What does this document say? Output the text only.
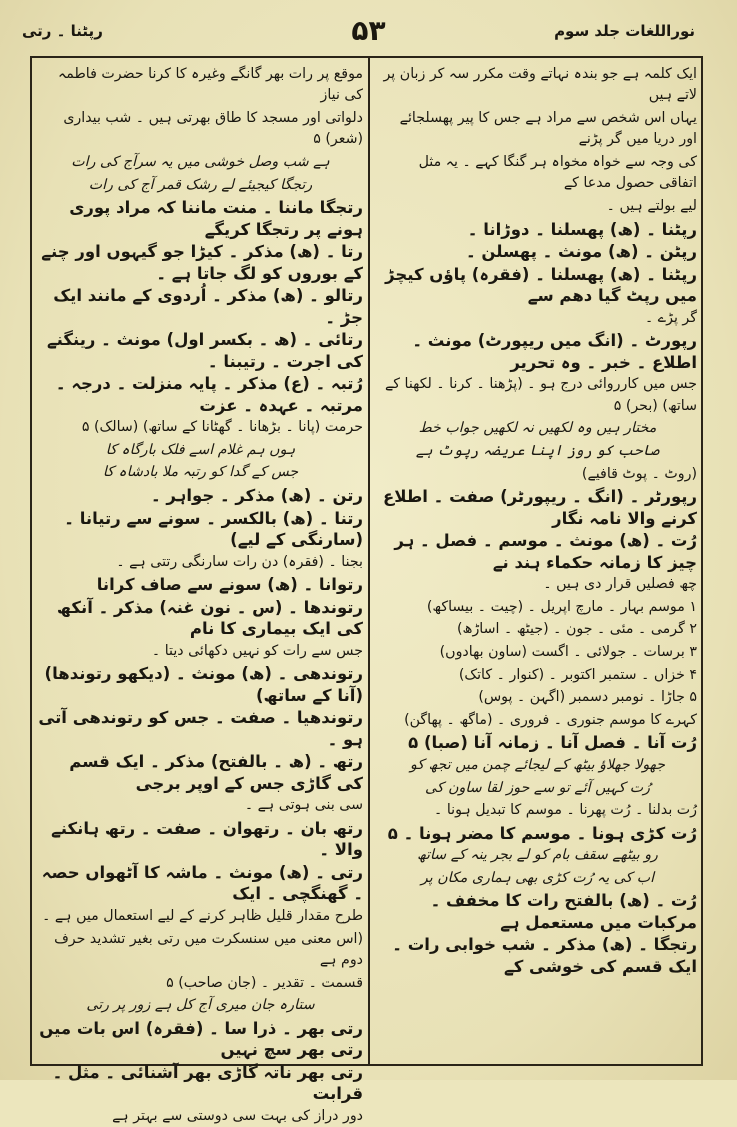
نوراللغات جلد سوم
۵۳
رپٹنا ۔ رتی

ایک کلمہ ہے جو بندہ نہاتے وقت مکرر سہ کر زبان پر لاتے ہیں

یہاں اس شخص سے مراد ہے جس کا پیر پھسلجائے اور دریا میں گر پڑنے

کی وجہ سے خواہ مخواہ ہر گنگا کہے ۔ یہ مثل اتفاقی حصول مدعا کے

لیے بولتے ہیں ۔

رپٹنا ۔ (ھ) پھسلنا ۔ دوڑانا ۔

رپٹن ۔ (ھ) مونث ۔ پھسلن ۔

رپٹنا ۔ (ھ) پھسلنا ۔ (فقرہ) پاؤں کیچڑ میں رپٹ گیا دھم سے

گر پڑے ۔

رپورٹ ۔ (انگ میں ریپورٹ) مونث ۔ اطلاع ۔ خبر ۔ وہ تحریر

جس میں کارروائی درج ہو ۔ (پڑھنا ۔ کرنا ۔ لکھنا کے ساتھ) (بحر) ۵

مختار ہیں وہ لکھیں نہ لکھیں جواب خط

صاحب کو روز اپنا عریضہ رپوٹ ہے

(روٹ ۔ پوٹ قافیے)

رپورٹر ۔ (انگ ۔ ریپورٹر) صفت ۔ اطلاع کرنے والا نامہ نگار

رُت ۔ (ھ) مونث ۔ موسم ۔ فصل ۔ ہر چیز کا زمانہ حکماء ہند نے

چھ فصلیں قرار دی ہیں ۔

۱ موسم بہار ۔ مارچ اپریل ۔ (چیت ۔ بیساکھ)

۲ گرمی ۔ مئی ۔ جون ۔ (جیٹھ ۔ اساڑھ)

۳ برسات ۔ جولائی ۔ اگست (ساون بھادوں)

۴ خزاں ۔ ستمبر اکتوبر ۔ (کنوار ۔ کاتک)

۵ جاڑا ۔ نومبر دسمبر (اگہن ۔ پوس)

کہرے کا موسم جنوری ۔ فروری ۔ (ماگھ ۔ پھاگن)

رُت آنا ۔ فصل آنا ۔ زمانہ آنا (صبا) ۵

جھولا جھلاؤ بیٹھ کے لیجائے چمن میں تجھ کو

رُت کہیں آئے تو سے حوز لقا ساون کی

رُت بدلنا ۔ رُت پھرنا ۔ موسم کا تبدیل ہونا ۔

رُت کڑی ہونا ۔ موسم کا مضر ہونا ۔ ۵

رو بیٹھے سقف بام کو لے بجر ینہ کے ساتھ

اب کی یہ رُت کڑی بھی ہماری مکان پر

رُت ۔ (ھ) بالفتح رات کا مخفف ۔ مرکبات میں مستعمل ہے

رتجگا ۔ (ھ) مذکر ۔ شب خوابی رات ۔ ایک قسم کی خوشی کے

موقع پر رات بھر گانگے وغیرہ کا کرنا حضرت فاطمہ کی نیاز

دلواتی اور مسجد کا طاق بھرتی ہیں ۔ شب بیداری (شعر) ۵

ہے شب وصل خوشی میں یہ سرآج کی رات

رتجگا کیجیئے لے رشک قمر آج کی رات

رتجگا ماننا ۔ منت ماننا کہ مراد پوری ہونے پر رتجگا کریگے

رتا ۔ (ھ) مذکر ۔ کیڑا جو گیہوں اور چنے کے بوروں کو لگ جاتا ہے ۔

رتالو ۔ (ھ) مذکر ۔ اُردوی کے مانند ایک جڑ ۔

رتائی ۔ (ھ ۔ بکسر اول) مونث ۔ رینگنے کی اجرت ۔ رتیبنا ۔

رُتبہ ۔ (ع) مذکر ۔ پایہ منزلت ۔ درجہ ۔ مرتبہ ۔ عہدہ ۔ عزت

حرمت (پانا ۔ بڑھانا ۔ گھٹانا کے ساتھ) (سالک) ۵

ہوں ہم غلام اسے فلک بارگاہ کا

جس کے گدا کو رتبہ ملا بادشاہ کا

رتن ۔ (ھ) مذکر ۔ جواہر ۔

رتنا ۔ (ھ) بالکسر ۔ سونے سے رتیانا ۔ (سارنگی کے لیے)

بجنا ۔ (فقرہ) دن رات سارنگی رتتی ہے ۔

رتوانا ۔ (ھ) سونے سے صاف کرانا

رتوندھا ۔ (س ۔ نون غنہ) مذکر ۔ آنکھ کی ایک بیماری کا نام

جس سے رات کو نہیں دکھائی دیتا ۔

رتوندھی ۔ (ھ) مونث ۔ (دیکھو رتوندھا) (آنا کے ساتھ)

رتوندھیا ۔ صفت ۔ جس کو رتوندھی آتی ہو ۔

رتھ ۔ (ھ ۔ بالفتح) مذکر ۔ ایک قسم کی گاڑی جس کے اوپر برجی

سی بنی ہوتی ہے ۔

رتھ بان ۔ رتھوان ۔ صفت ۔ رتھ ہانکنے والا ۔

رتی ۔ (ھ) مونث ۔ ماشہ کا آٹھواں حصہ ۔ گھنگچی ۔ ایک

طرح مقدار قلیل ظاہر کرنے کے لیے استعمال میں ہے ۔

(اس معنی میں سنسکرت میں رتی بغیر تشدید حرف دوم ہے

قسمت ۔ تقدیر ۔ (جان صاحب) ۵

ستارہ جان میری آج کل ہے زور پر رتی

رتی بھر ۔ ذرا سا ۔ (فقرہ) اس بات میں رتی بھر سچ نہیں

رتی بھر ناتہ گاڑی بھر آشنائی ۔ مثل ۔ قرابت

دور دراز کی بہت سی دوستی سے بہتر ہے
